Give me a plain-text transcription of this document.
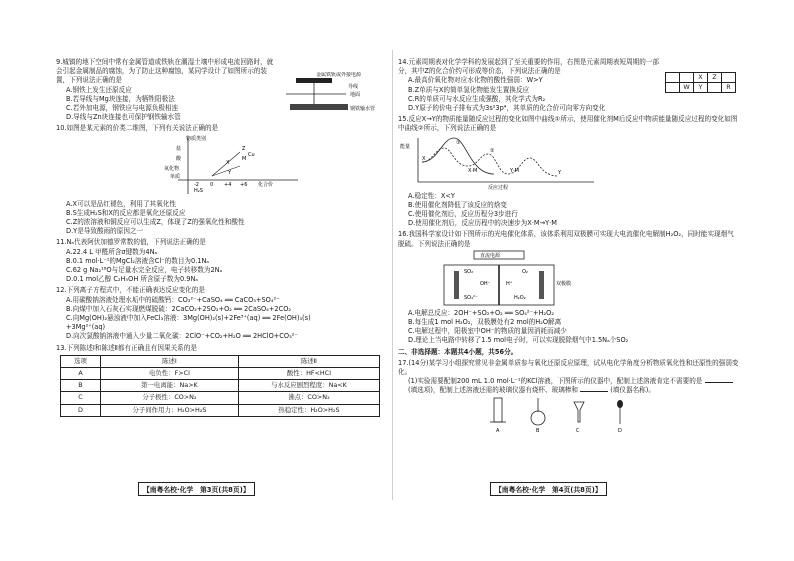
9.城镇的地下空间中常有金属管道或铁轨在潮湿土壤中形成电流回路时，就会引起金属制品的腐蚀，为了防止这种腐蚀，某同学设计了如图所示的装置，下列说法正确的是
金属铁轨或外接电源
导线
地面
钢铁输水管
A.钢铁上发生还原反应
B.若导线与Mg块连接，为牺牲阳极法
C.若外加电源，钢铁应与电源负极相连
D.导线与Zn块连接也可保护钢铁输水管
10.如图是某元素的价类二维图，下列有关说法正确的是
物质类别
盐
酸
氧化物
单质
H₂S
-2 0 +4 +6 化合价
X
Y
Z
M
Cu
A.X可以是品红褪色，利用了其氧化性
B.S生成H₂S和X的反应都是氧化还原反应
C.Z的浓溶液和铜反应可以生成Z，体现了Z的强氧化性和酸性
D.Y是导致酸雨的原因之一
11.Nₐ代表阿伏加德罗常数的值，下列说法正确的是
A.22.4 L 甲醛所含σ键数为4Nₐ
B.0.1 mol·L⁻¹的MgCl₂溶液含Cl⁻的数目为0.1Nₐ
C.62 g Na₂¹⁸O与足量水完全反应，电子转移数为2Nₐ
D.0.1 mol乙醇 C₂H₅OH 所含原子数为0.9Nₐ
12.下列离子方程式中，不能正确表达反应变化的是
A.用碳酸钠溶液处理水垢中的硫酸钙：CO₃²⁻+CaSO₄ ══ CaCO₃+SO₄²⁻
B.向煤中加入石灰石实现燃煤脱硫：2CaCO₃+2SO₂+O₂ ══ 2CaSO₄+2CO₂
C.向Mg(OH)₂悬浊液中加入FeCl₃溶液：3Mg(OH)₂(s)+2Fe³⁺(aq) ══ 2Fe(OH)₃(s)
+3Mg²⁺(aq)
D.向次氯酸钠溶液中通入少量二氧化碳：2ClO⁻+CO₂+H₂O ══ 2HClO+CO₃²⁻
13.下列陈述Ⅰ和陈述Ⅱ都有正确且有因果关系的是
选项	陈述Ⅰ	陈述Ⅱ
A	电负性：F>Cl	酸性：HF<HCl
B	第一电离能：Na>K	与水反应剧烈程度：Na<K
C	分子极性：CO>N₂	沸点：CO>N₂
D	分子间作用力：H₂O>H₂S	热稳定性：H₂O>H₂S
【南粤名校·化学　第3页(共8页)】
14.元素周期表对化学学科的发展起到了至关重要的作用，右图是元素周期表短周期的一部分，其中Z的化合价约可形成等价态，下列说法正确的是
		X	Z	
	W	Y		R
A.最高价氧化物对应水化物的酸性强弱：W>Y
B.Z单质与X的简单氢化物能发生置换反应
C.R的单质可与水反应生成强酸，其化学式为R₂
D.Y原子的价电子排布式为3s²3p⁴，其单质的化合价可向零方向变化
15.反应X→Y的物质能量随反应过程的变化如图中曲线①所示，使用催化剂M后反应中物质能量随反应过程的变化如图中曲线②所示，下列说法正确的是
能量
X
X·M	Y·M	Y
反应过程
①
②
A.稳定性：X<Y
B.使用催化剂降低了该反应的焓变
C.使用催化剂后，反应历程分3步进行
D.使用催化剂后，反应历程中的决速步为X·M→Y·M
16.我国科学家设计如下图所示的光电催化体系，该体系利用双极膜可实现大电流催化电解制H₂O₂，同时能实现烟气脱硫。下列说法正确的是
直流电源
SO₂	O₂
OH⁻	H⁺	双极膜
SO₄²⁻	H₂O₂
A.电解总反应：2OH⁻+SO₂+O₂ ══ SO₄²⁻+H₂O₂
B.每生成1 mol H₂O₂，双极膜处有2 mol的H₂O解离
C.电解过程中，阳极室中OH⁻的物质的量因消耗而减少
D.理论上当电路中转移了1.5 mol电子时，可以实现脱除烟气中1.5Nₐ个SO₂
二、非选择题：本题共4小题，共56分。
17.(14分)某学习小组探究常见非金属单质参与氧化还原反应原理，试从电化学角度分析物质氧化性和还原性的强弱变化。
(1)实验需要配制200 mL 1.0 mol·L⁻¹的KCl溶液，下图所示的仪器中，配制上述溶液肯定不需要的是  (填选项)，配制上述溶液还需的玻璃仪器有烧杯、玻璃棒和	(填仪器名称)。
A	B	C	D
【南粤名校·化学　第4页(共8页)】
